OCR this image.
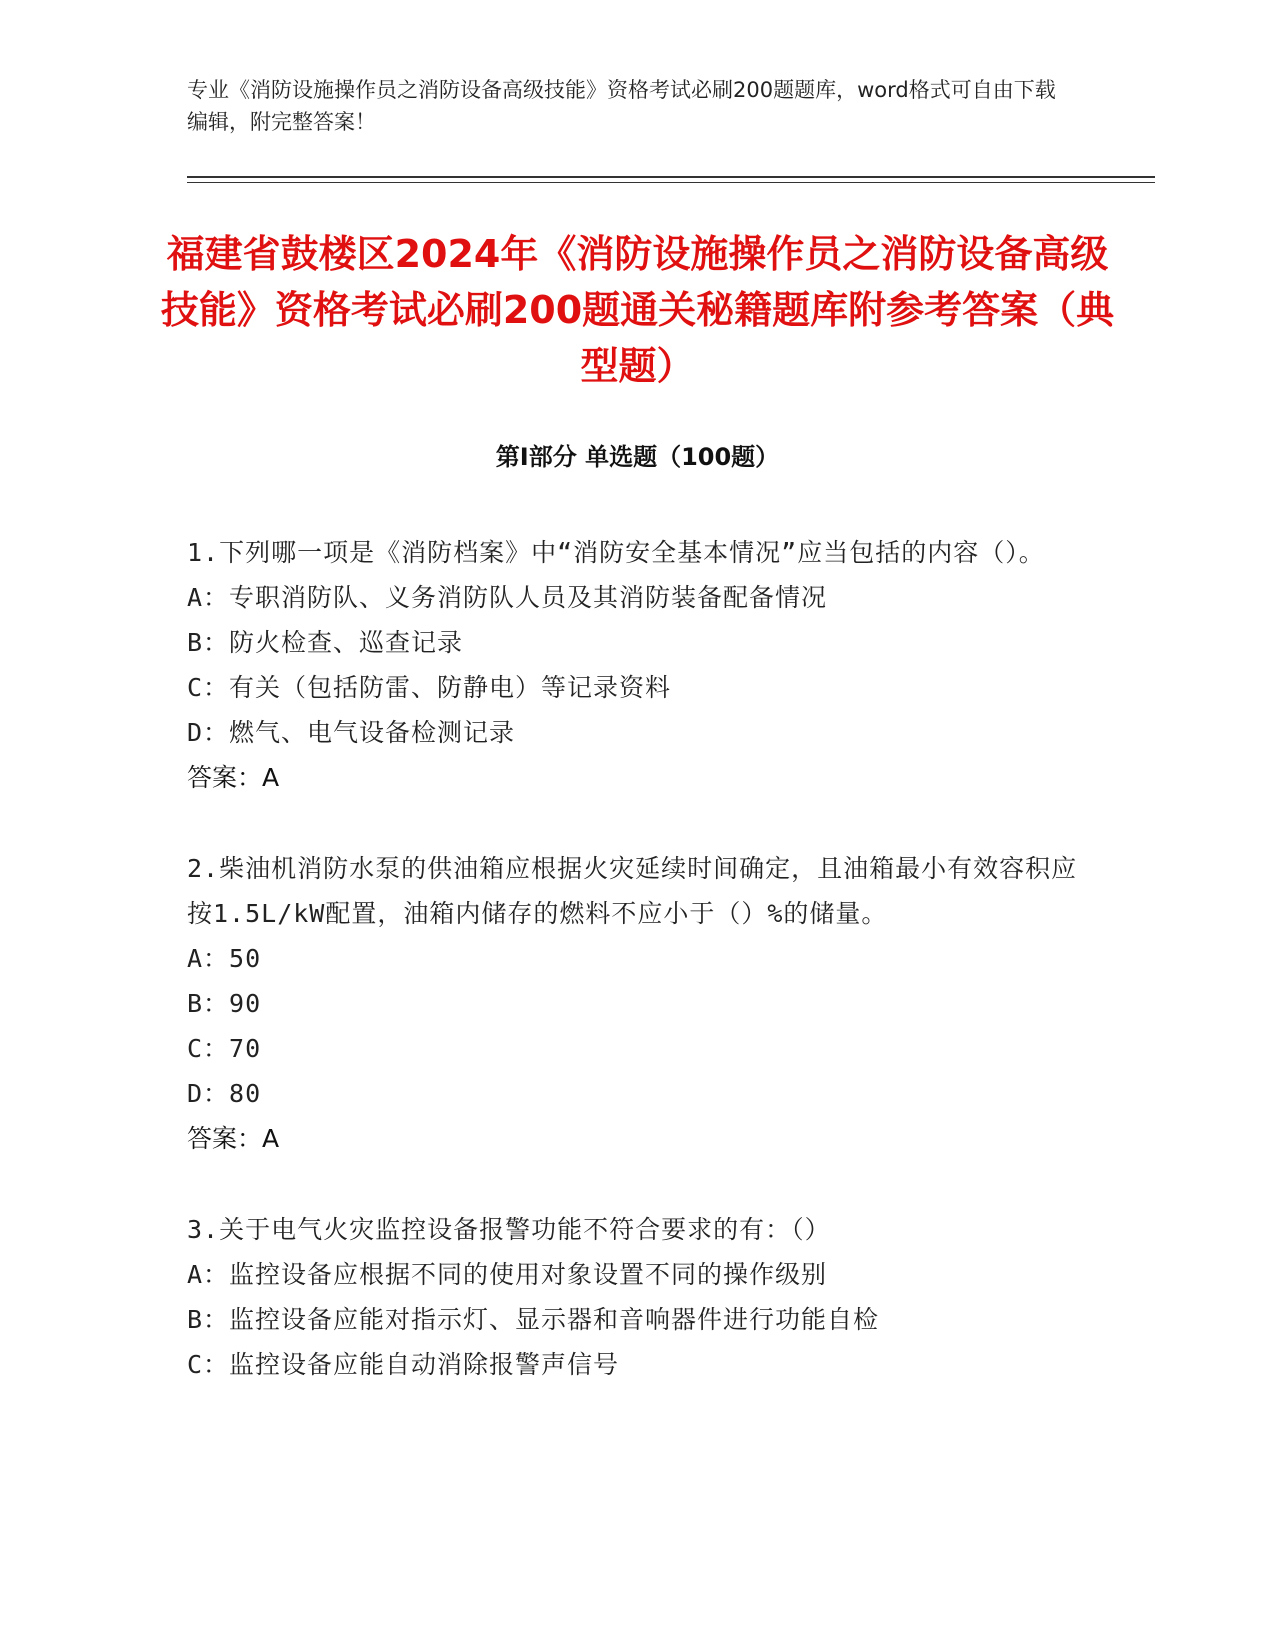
专业《消防设施操作员之消防设备高级技能》资格考试必刷200题题库，word格式可自由下载编辑，附完整答案！
福建省鼓楼区2024年《消防设施操作员之消防设备高级技能》资格考试必刷200题通关秘籍题库附参考答案（典型题）
第I部分 单选题（100题）
1.下列哪一项是《消防档案》中“消防安全基本情况”应当包括的内容（）。
A：专职消防队、义务消防队人员及其消防装备配备情况
B：防火检查、巡查记录
C：有关（包括防雷、防静电）等记录资料
D：燃气、电气设备检测记录
答案：A
2.柴油机消防水泵的供油箱应根据火灾延续时间确定，且油箱最小有效容积应按1.5L/kW配置，油箱内储存的燃料不应小于（）%的储量。
A：50
B：90
C：70
D：80
答案：A
3.关于电气火灾监控设备报警功能不符合要求的有：（）
A：监控设备应根据不同的使用对象设置不同的操作级别
B：监控设备应能对指示灯、显示器和音响器件进行功能自检
C：监控设备应能自动消除报警声信号
